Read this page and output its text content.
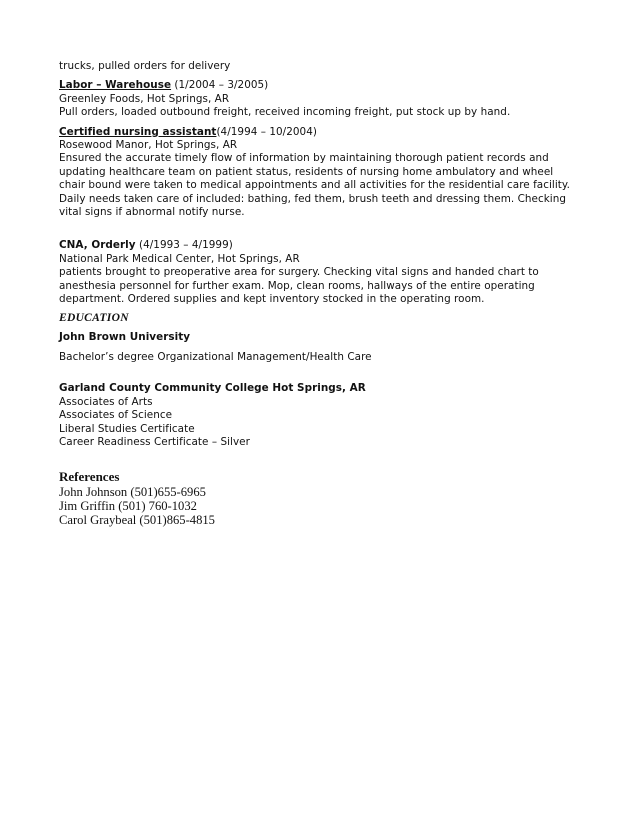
trucks, pulled orders for delivery
Labor – Warehouse (1/2004 – 3/2005)
Greenley Foods, Hot Springs, AR
Pull orders, loaded outbound freight, received incoming freight, put stock up by hand.
Certified nursing assistant(4/1994 – 10/2004)
Rosewood Manor, Hot Springs, AR
Ensured the accurate timely flow of information by maintaining thorough patient records and
updating healthcare team on patient status, residents of nursing home ambulatory and wheel
chair bound were taken to medical appointments and all activities for the residential care facility.
Daily needs taken care of included: bathing, fed them, brush teeth and dressing them. Checking
vital signs if abnormal notify nurse.
CNA, Orderly (4/1993 – 4/1999)
National Park Medical Center, Hot Springs, AR
patients brought to preoperative area for surgery. Checking vital signs and handed chart to
anesthesia personnel for further exam. Mop, clean rooms, hallways of the entire operating
department. Ordered supplies and kept inventory stocked in the operating room.
EDUCATION
John Brown University
Bachelor’s degree Organizational Management/Health Care
Garland County Community College Hot Springs, AR
Associates of Arts
Associates of Science
Liberal Studies Certificate
Career Readiness Certificate – Silver
References
John Johnson (501)655-6965
Jim Griffin (501) 760-1032
Carol Graybeal (501)865-4815
